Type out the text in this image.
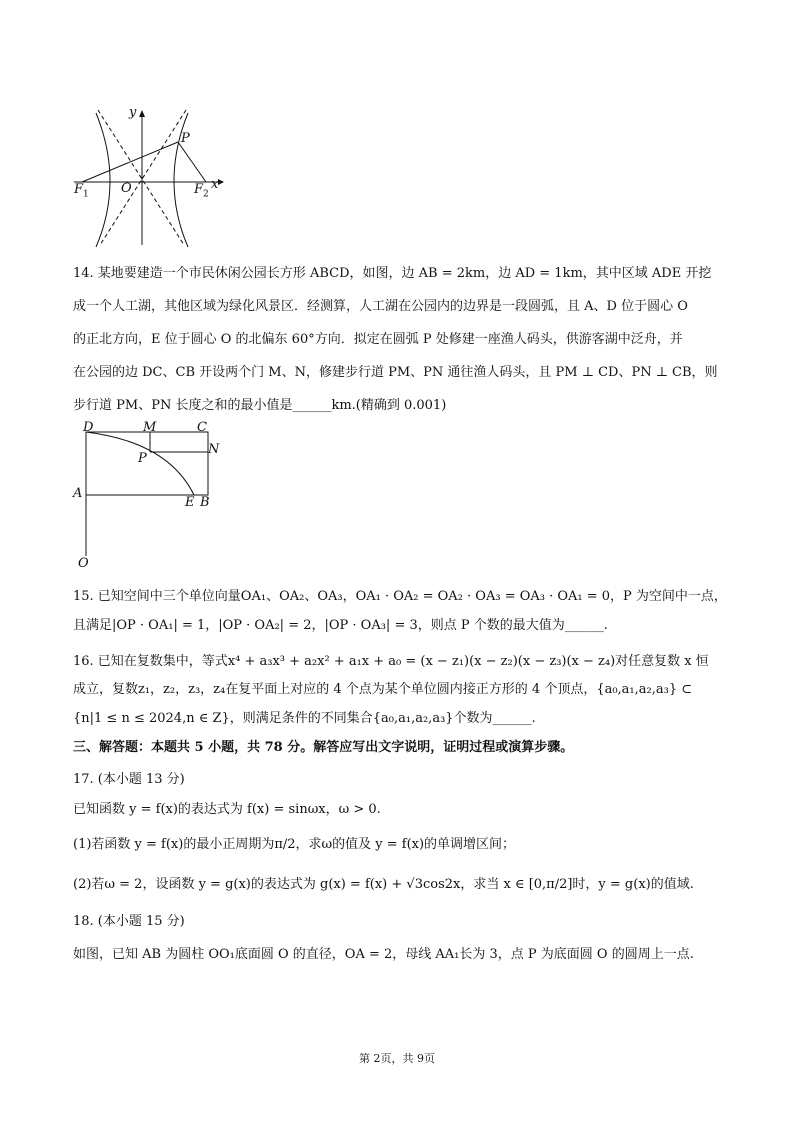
y
P
$F_1$ O	$F_2$
x
14. 某地要建造一个市民休闲公园长方形 ABCD，如图，边 AB = 2km，边 AD = 1km，其中区域 ADE 开挖
成一个人工湖，其他区域为绿化风景区．经测算，人工湖在公园内的边界是一段圆弧，且 A、D 位于圆心 O
的正北方向，E 位于圆心 O 的北偏东 60°方向．拟定在圆弧 P 处修建一座渔人码头，供游客湖中泛舟，并
在公园的边 DC、CB 开设两个门 M、N，修建步行道 PM、PN 通往渔人码头，且 PM ⊥ CD、PN ⊥ CB，则
步行道 PM、PN 长度之和的最小值是______km.(精确到 0.001)
D	M	C
N
P
A
E B
O
15. 已知空间中三个单位向量OA₁、OA₂、OA₃，OA₁ · OA₂ = OA₂ · OA₃ = OA₃ · OA₁ = 0，P 为空间中一点，
且满足|OP · OA₁| = 1，|OP · OA₂| = 2，|OP · OA₃| = 3，则点 P 个数的最大值为______.
16. 已知在复数集中，等式x⁴ + a₃x³ + a₂x² + a₁x + a₀ = (x − z₁)(x − z₂)(x − z₃)(x − z₄)对任意复数 x 恒
成立，复数z₁，z₂，z₃，z₄在复平面上对应的 4 个点为某个单位圆内接正方形的 4 个顶点，{a₀,a₁,a₂,a₃} ⊂
{n|1 ≤ n ≤ 2024,n ∈ Z}，则满足条件的不同集合{a₀,a₁,a₂,a₃}个数为______.
三、解答题：本题共 5 小题，共 78 分。解答应写出文字说明，证明过程或演算步骤。
17. (本小题 13 分)
已知函数 y = f(x)的表达式为 f(x) = sinωx，ω > 0.
(1)若函数 y = f(x)的最小正周期为π/2，求ω的值及 y = f(x)的单调增区间；
(2)若ω = 2，设函数 y = g(x)的表达式为 g(x) = f(x) + √3cos2x，求当 x ∈ [0,π/2]时，y = g(x)的值域.
18. (本小题 15 分)
如图，已知 AB 为圆柱 OO₁底面圆 O 的直径，OA = 2，母线 AA₁长为 3，点 P 为底面圆 O 的圆周上一点.
第 2页，共 9页
